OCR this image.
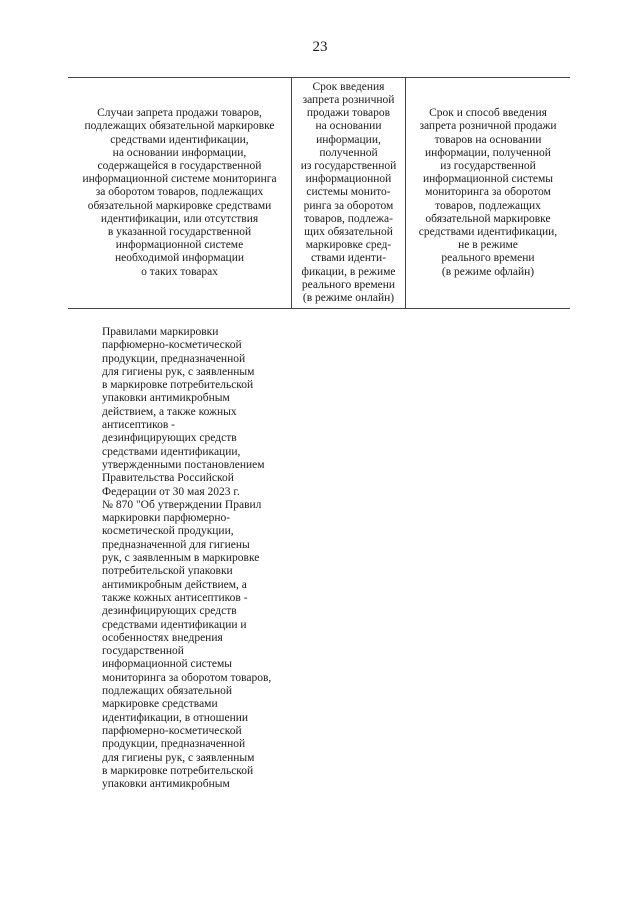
23
Случаи запрета продажи товаров,
подлежащих обязательной маркировке
средствами идентификации,
на основании информации,
содержащейся в государственной
информационной системе мониторинга
за оборотом товаров, подлежащих
обязательной маркировке средствами
идентификации, или отсутствия
в указанной государственной
информационной системе
необходимой информации
о таких товарах
Срок введения
запрета розничной
продажи товаров
на основании
информации,
полученной
из государственной
информационной
системы монито-
ринга за оборотом
товаров, подлежа-
щих обязательной
маркировке сред-
ствами иденти-
фикации, в режиме
реального времени
(в режиме онлайн)
Срок и способ введения
запрета розничной продажи
товаров на основании
информации, полученной
из государственной
информационной системы
мониторинга за оборотом
товаров, подлежащих
обязательной маркировке
средствами идентификации,
не в режиме
реального времени
(в режиме офлайн)
Правилами маркировки
парфюмерно-косметической
продукции, предназначенной
для гигиены рук, с заявленным
в маркировке потребительской
упаковки антимикробным
действием, а также кожных
антисептиков -
дезинфицирующих средств
средствами идентификации,
утвержденными постановлением
Правительства Российской
Федерации от 30 мая 2023 г.
№ 870 "Об утверждении Правил
маркировки парфюмерно-
косметической продукции,
предназначенной для гигиены
рук, с заявленным в маркировке
потребительской упаковки
антимикробным действием, а
также кожных антисептиков -
дезинфицирующих средств
средствами идентификации и
особенностях внедрения
государственной
информационной системы
мониторинга за оборотом товаров,
подлежащих обязательной
маркировке средствами
идентификации, в отношении
парфюмерно-косметической
продукции, предназначенной
для гигиены рук, с заявленным
в маркировке потребительской
упаковки антимикробным
